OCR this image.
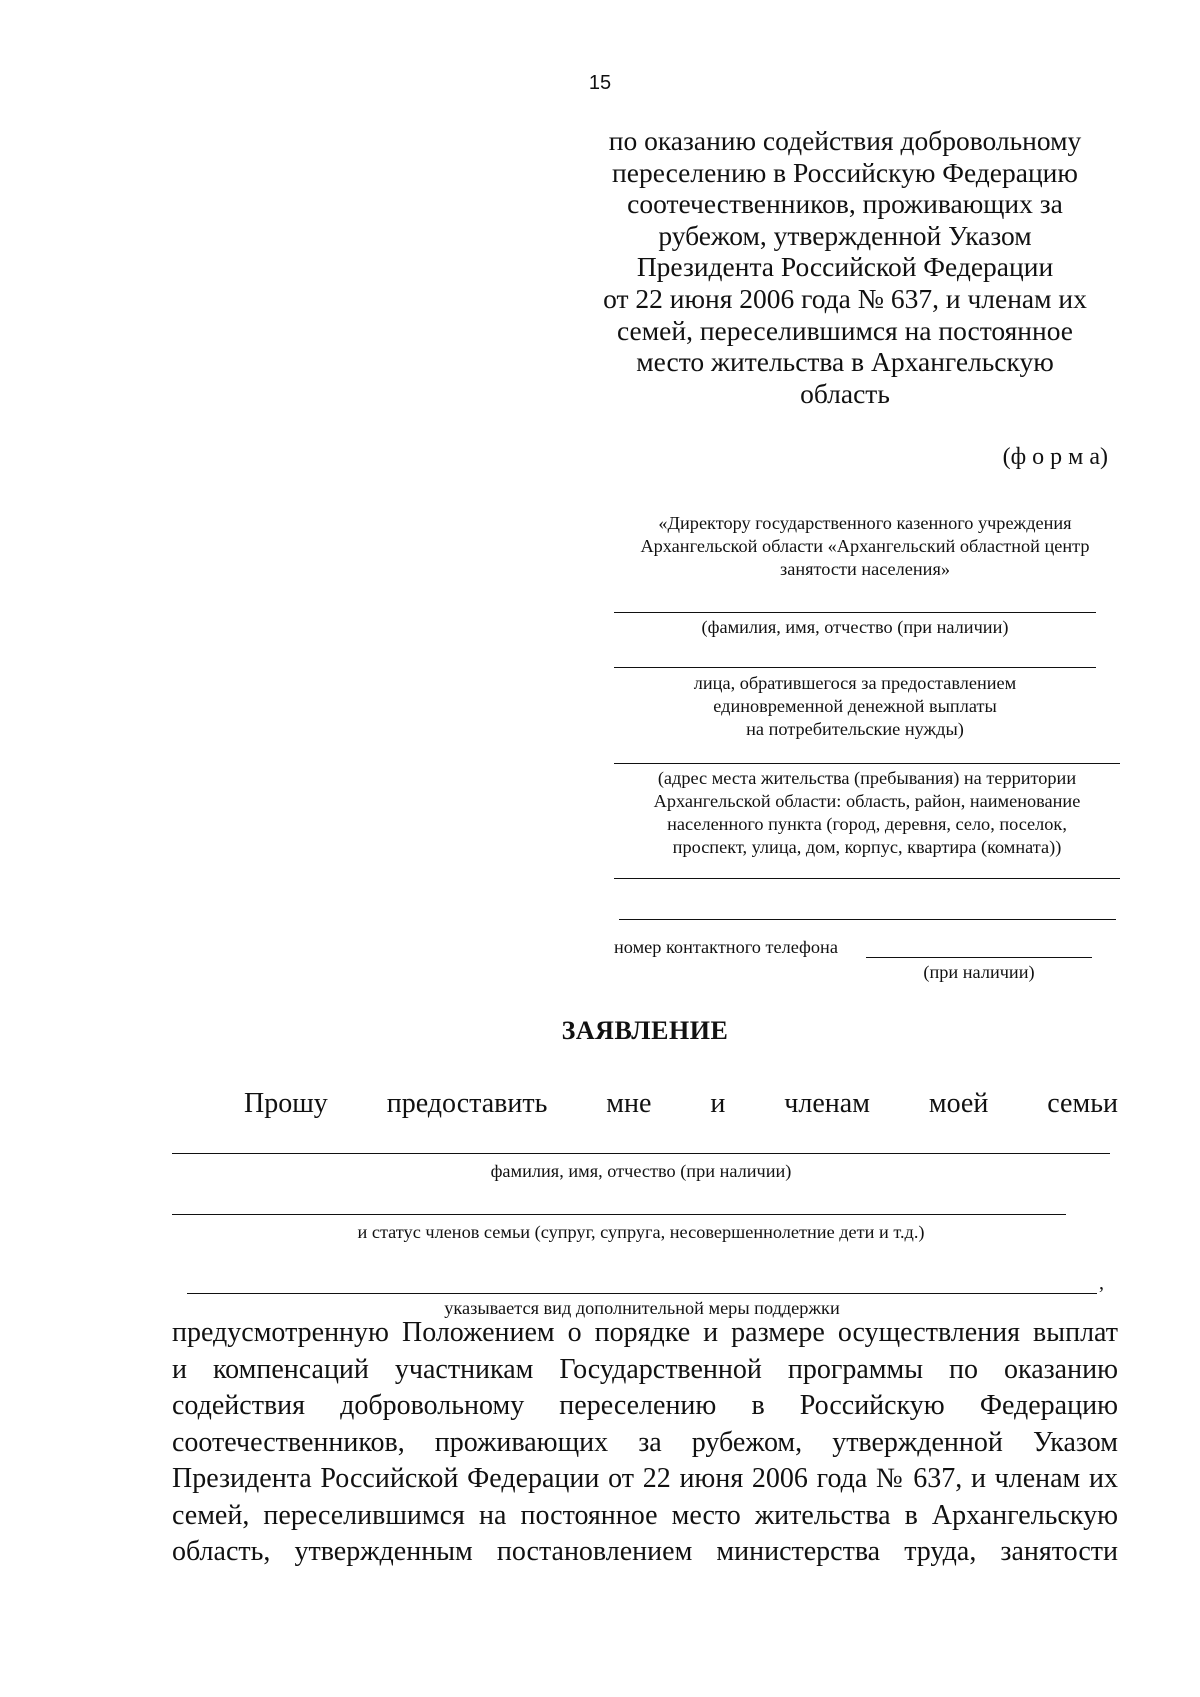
15
по оказанию содействия добровольному
переселению в Российскую Федерацию
соотечественников, проживающих за
рубежом, утвержденной Указом
Президента Российской Федерации
от 22 июня 2006 года № 637, и членам их
семей, переселившимся на постоянное
место жительства в Архангельскую
область
(ф о р м а)
«Директору государственного казенного учреждения
Архангельской области «Архангельский областной центр
занятости населения»
(фамилия, имя, отчество (при наличии)
лица, обратившегося за предоставлением
единовременной денежной выплаты
на потребительские нужды)
(адрес места жительства (пребывания) на территории
Архангельской области: область, район, наименование
населенного пункта (город, деревня, село, поселок,
проспект, улица, дом, корпус, квартира (комната))
номер контактного телефона
(при наличии)
ЗАЯВЛЕНИЕ
Прошу предоставить мне и членам моей семьи
фамилия, имя, отчество (при наличии)
и статус членов семьи (супруг, супруга, несовершеннолетние дети и т.д.)
,
указывается вид дополнительной меры поддержки
предусмотренную Положением о порядке и размере осуществления выплат
и компенсаций участникам Государственной программы по оказанию
содействия добровольному переселению в Российскую Федерацию
соотечественников, проживающих за рубежом, утвержденной Указом
Президента Российской Федерации от 22 июня 2006 года № 637, и членам их
семей, переселившимся на постоянное место жительства в Архангельскую
область, утвержденным постановлением министерства труда, занятости
